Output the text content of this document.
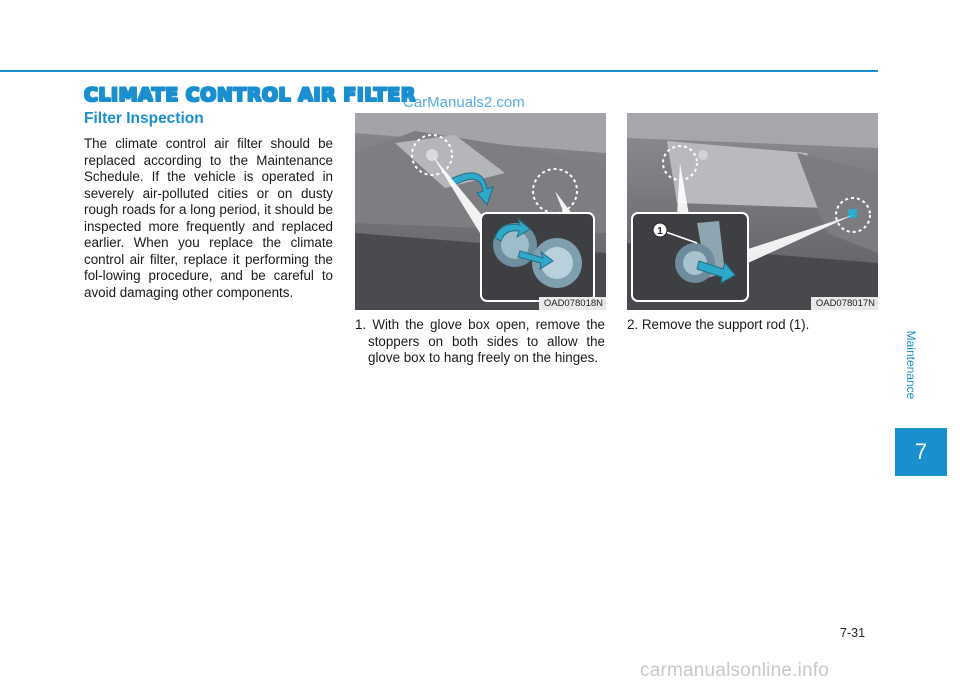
CLIMATE CONTROL AIR FILTER
CarManuals2.com
Filter Inspection
The climate control air filter should be replaced according to the Maintenance Schedule. If the vehicle is operated in severely air-polluted cities or on dusty rough roads for a long period, it should be inspected more frequently and replaced earlier. When you replace the climate control air filter, replace it performing the fol-lowing procedure, and be careful to avoid damaging other components.
OAD078018N
1
OAD078017N
1. With the glove box open, remove the stoppers on both sides to allow the glove box to hang freely on the hinges.
2. Remove the support rod (1).
Maintenance
7
7-31
carmanualsonline.info
